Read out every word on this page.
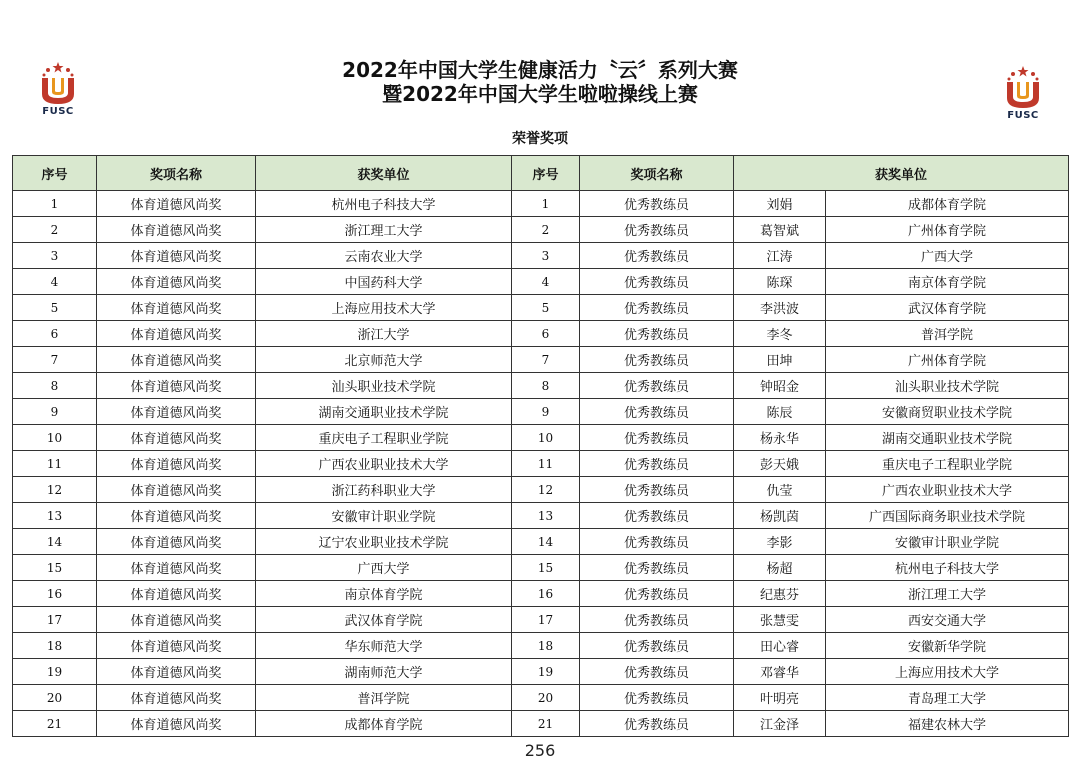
FUSC	FUSC
2022年中国大学生健康活力〝云〞系列大赛
暨2022年中国大学生啦啦操线上赛
荣誉奖项
序号	奖项名称	获奖单位	序号	奖项名称	获奖单位	
1	体育道德风尚奖	杭州电子科技大学	1	优秀教练员	刘娟	成都体育学院
2	体育道德风尚奖	浙江理工大学	2	优秀教练员	葛智斌	广州体育学院
3	体育道德风尚奖	云南农业大学	3	优秀教练员	江涛	广西大学
4	体育道德风尚奖	中国药科大学	4	优秀教练员	陈琛	南京体育学院
5	体育道德风尚奖	上海应用技术大学	5	优秀教练员	李洪波	武汉体育学院
6	体育道德风尚奖	浙江大学	6	优秀教练员	李冬	普洱学院
7	体育道德风尚奖	北京师范大学	7	优秀教练员	田坤	广州体育学院
8	体育道德风尚奖	汕头职业技术学院	8	优秀教练员	钟昭金	汕头职业技术学院
9	体育道德风尚奖	湖南交通职业技术学院	9	优秀教练员	陈辰	安徽商贸职业技术学院
10	体育道德风尚奖	重庆电子工程职业学院	10	优秀教练员	杨永华	湖南交通职业技术学院
11	体育道德风尚奖	广西农业职业技术大学	11	优秀教练员	彭天娥	重庆电子工程职业学院
12	体育道德风尚奖	浙江药科职业大学	12	优秀教练员	仇莹	广西农业职业技术大学
13	体育道德风尚奖	安徽审计职业学院	13	优秀教练员	杨凯茵	广西国际商务职业技术学院
14	体育道德风尚奖	辽宁农业职业技术学院	14	优秀教练员	李影	安徽审计职业学院
15	体育道德风尚奖	广西大学	15	优秀教练员	杨超	杭州电子科技大学
16	体育道德风尚奖	南京体育学院	16	优秀教练员	纪惠芬	浙江理工大学
17	体育道德风尚奖	武汉体育学院	17	优秀教练员	张慧雯	西安交通大学
18	体育道德风尚奖	华东师范大学	18	优秀教练员	田心睿	安徽新华学院
19	体育道德风尚奖	湖南师范大学	19	优秀教练员	邓睿华	上海应用技术大学
20	体育道德风尚奖	普洱学院	20	优秀教练员	叶明亮	青岛理工大学
21	体育道德风尚奖	成都体育学院	21	优秀教练员	江金泽	福建农林大学
256
